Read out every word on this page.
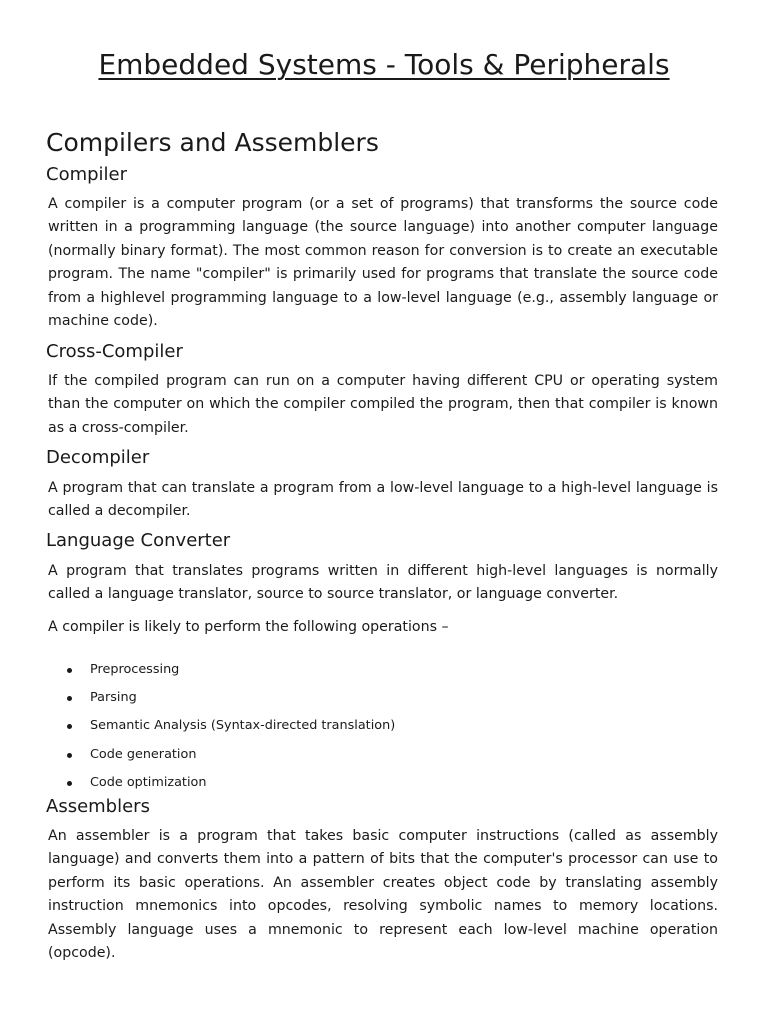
Embedded Systems - Tools & Peripherals
Compilers and Assemblers
Compiler

A compiler is a computer program (or a set of programs) that transforms the source code written in a programming language (the source language) into another computer language (normally binary format). The most common reason for conversion is to create an executable program. The name "compiler" is primarily used for programs that translate the source code from a highlevel programming language to a low-level language (e.g., assembly language or machine code).

Cross-Compiler

If the compiled program can run on a computer having different CPU or operating system than the computer on which the compiler compiled the program, then that compiler is known as a cross-compiler.

Decompiler

A program that can translate a program from a low-level language to a high-level language is called a decompiler.

Language Converter

A program that translates programs written in different high-level languages is normally called a language translator, source to source translator, or language converter.

A compiler is likely to perform the following operations –

Preprocessing
Parsing
Semantic Analysis (Syntax-directed translation)
Code generation
Code optimization
Assemblers

An assembler is a program that takes basic computer instructions (called as assembly language) and converts them into a pattern of bits that the computer's processor can use to perform its basic operations. An assembler creates object code by translating assembly instruction mnemonics into opcodes, resolving symbolic names to memory locations. Assembly language uses a mnemonic to represent each low-level machine operation (opcode).
